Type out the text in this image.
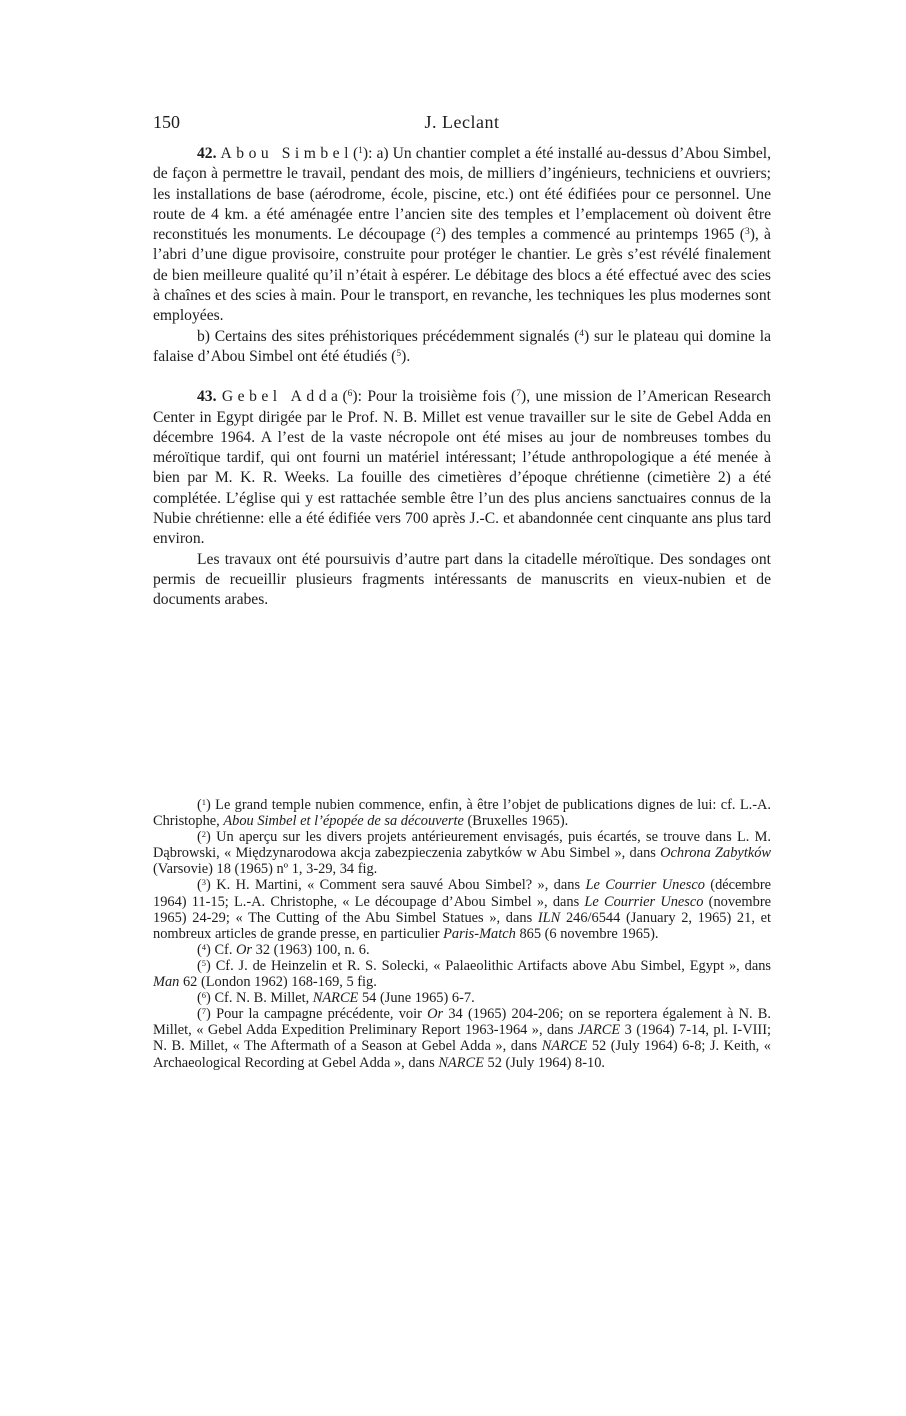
150	J. Leclant

42. Abou Simbel($^1$): a) Un chantier complet a été installé au-dessus d’Abou Simbel, de façon à permettre le travail, pendant des mois, de milliers d’ingénieurs, techniciens et ouvriers; les installations de base (aérodrome, école, piscine, etc.) ont été édifiées pour ce personnel. Une route de 4 km. a été aménagée entre l’ancien site des temples et l’emplacement où doivent être reconstitués les monuments. Le découpage ($^2$) des temples a commencé au printemps 1965 ($^3$), à l’abri d’une digue provisoire, construite pour protéger le chantier. Le grès s’est révélé finalement de bien meilleure qualité qu’il n’était à espérer. Le débitage des blocs a été effectué avec des scies à chaînes et des scies à main. Pour le transport, en revanche, les techniques les plus modernes sont employées.

b) Certains des sites préhistoriques précédemment signalés ($^4$) sur le plateau qui domine la falaise d’Abou Simbel ont été étudiés ($^5$).

43. Gebel Adda($^6$): Pour la troisième fois ($^7$), une mission de l’American Research Center in Egypt dirigée par le Prof. N. B. Millet est venue travailler sur le site de Gebel Adda en décembre 1964. A l’est de la vaste nécropole ont été mises au jour de nombreuses tombes du méroïtique tardif, qui ont fourni un matériel intéressant; l’étude anthropologique a été menée à bien par M. K. R. Weeks. La fouille des cimetières d’époque chrétienne (cimetière 2) a été complétée. L’église qui y est rattachée semble être l’un des plus anciens sanctuaires connus de la Nubie chrétienne: elle a été édifiée vers 700 après J.-C. et abandonnée cent cinquante ans plus tard environ.

Les travaux ont été poursuivis d’autre part dans la citadelle méroïtique. Des sondages ont permis de recueillir plusieurs fragments intéressants de manuscrits en vieux-nubien et de documents arabes.

($^1$) Le grand temple nubien commence, enfin, à être l’objet de publications dignes de lui: cf. L.-A. Christophe, Abou Simbel et l’épopée de sa découverte (Bruxelles 1965).

($^2$) Un aperçu sur les divers projets antérieurement envisagés, puis écartés, se trouve dans L. M. Dąbrowski, « Międzynarodowa akcja zabezpieczenia zabytków w Abu Simbel », dans Ochrona Zabytków (Varsovie) 18 (1965) nº 1, 3-29, 34 fig.

($^3$) K. H. Martini, « Comment sera sauvé Abou Simbel? », dans Le Courrier Unesco (décembre 1964) 11-15; L.-A. Christophe, « Le découpage d’Abou Simbel », dans Le Courrier Unesco (novembre 1965) 24-29; « The Cutting of the Abu Simbel Statues », dans ILN 246/6544 (January 2, 1965) 21, et nombreux articles de grande presse, en particulier Paris-Match 865 (6 novembre 1965).

($^4$) Cf. Or 32 (1963) 100, n. 6.

($^5$) Cf. J. de Heinzelin et R. S. Solecki, « Palaeolithic Artifacts above Abu Simbel, Egypt », dans Man 62 (London 1962) 168-169, 5 fig.

($^6$) Cf. N. B. Millet, NARCE 54 (June 1965) 6-7.

($^7$) Pour la campagne précédente, voir Or 34 (1965) 204-206; on se reportera également à N. B. Millet, « Gebel Adda Expedition Preliminary Report 1963-1964 », dans JARCE 3 (1964) 7-14, pl. I-VIII; N. B. Millet, « The Aftermath of a Season at Gebel Adda », dans NARCE 52 (July 1964) 6-8; J. Keith, « Archaeological Recording at Gebel Adda », dans NARCE 52 (July 1964) 8-10.
